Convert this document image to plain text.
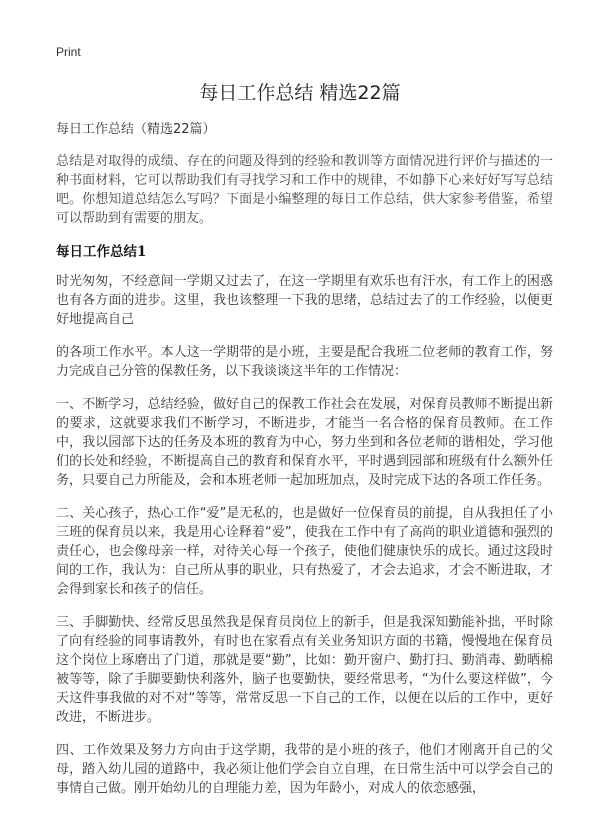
Print
每日工作总结 精选22篇
每日工作总结（精选22篇）

总结是对取得的成绩、存在的问题及得到的经验和教训等方面情况进行评价与描述的一种书面材料，它可以帮助我们有寻找学习和工作中的规律，不如静下心来好好写写总结吧。你想知道总结怎么写吗？下面是小编整理的每日工作总结，供大家参考借鉴，希望可以帮助到有需要的朋友。

每日工作总结1

时光匆匆，不经意间一学期又过去了，在这一学期里有欢乐也有汗水，有工作上的困惑也有各方面的进步。这里，我也该整理一下我的思绪，总结过去了的工作经验，以便更好地提高自己

的各项工作水平。本人这一学期带的是小班，主要是配合我班二位老师的教育工作，努力完成自己分管的保教任务，以下我谈谈这半年的工作情况：

一、不断学习，总结经验，做好自己的保教工作社会在发展，对保育员教师不断提出新的要求，这就要求我们不断学习，不断进步，才能当一名合格的保育员教师。在工作中，我以园部下达的任务及本班的教育为中心，努力坐到和各位老师的谐相处，学习他们的长处和经验，不断提高自己的教育和保育水平，平时遇到园部和班级有什么额外任务，只要自己力所能及，会和本班老师一起加班加点，及时完成下达的各项工作任务。

二、关心孩子，热心工作“爱”是无私的，也是做好一位保育员的前提，自从我担任了小三班的保育员以来，我是用心诠释着“爱”，使我在工作中有了高尚的职业道德和强烈的责任心，也会像母亲一样，对待关心每一个孩子，使他们健康快乐的成长。通过这段时间的工作，我认为：自己所从事的职业，只有热爱了，才会去追求，才会不断进取，才会得到家长和孩子的信任。

三、手脚勤快、经常反思虽然我是保育员岗位上的新手，但是我深知勤能补拙，平时除了向有经验的同事请教外，有时也在家看点有关业务知识方面的书籍，慢慢地在保育员这个岗位上琢磨出了门道，那就是要“勤”，比如：勤开窗户、勤打扫、勤消毒、勤晒棉被等等，除了手脚要勤快利落外，脑子也要勤快，要经常思考，“为什么要这样做”，今天这件事我做的对不对“等等，常常反思一下自己的工作，以便在以后的工作中，更好改进，不断进步。

四、工作效果及努力方向由于这学期，我带的是小班的孩子，他们才刚离开自己的父母，踏入幼儿园的道路中，我必须让他们学会自立自理，在日常生活中可以学会自己的事情自己做。刚开始幼儿的自理能力差，因为年龄小，对成人的依恋感强，
